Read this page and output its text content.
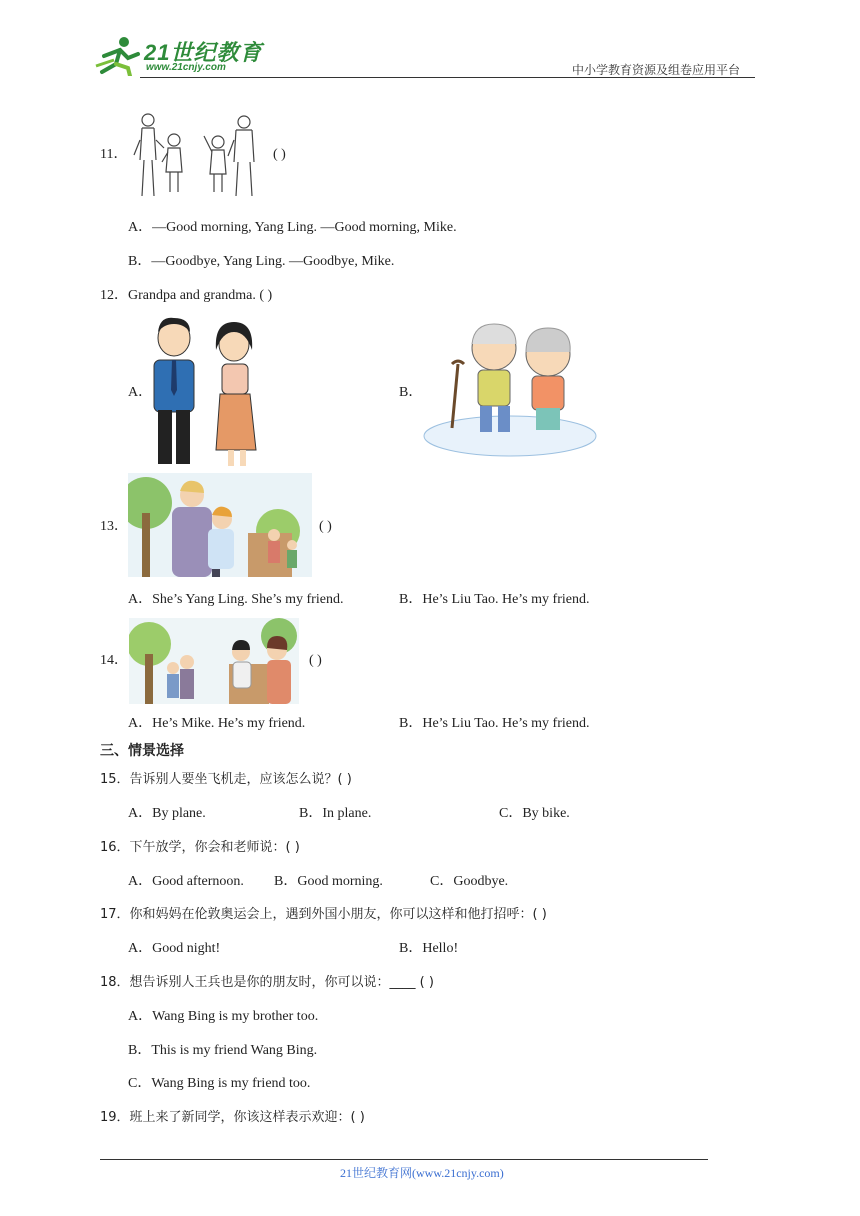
21世纪教育
www.21cnjy.com	中小学教育资源及组卷应用平台
11．	( )
A．—Good morning, Yang Ling. —Good morning, Mike.
B．—Goodbye, Yang Ling. —Goodbye, Mike.
12．Grandpa and grandma. ( )
A．	B．
13．	( )
A．She’s Yang Ling. She’s my friend.	B．He’s Liu Tao. He’s my friend.
14．	( )
A．He’s Mike. He’s my friend.	B．He’s Liu Tao. He’s my friend.
三、情景选择
15．告诉别人要坐飞机走，应该怎么说？( )
A．By plane.	B．In plane.	C．By bike.
16．下午放学，你会和老师说：( )
A．Good afternoon. B．Good morning.	C．Goodbye.
17．你和妈妈在伦敦奥运会上，遇到外国小朋友，你可以这样和他打招呼：( )
A．Good night!	B．Hello!
18．想告诉别人王兵也是你的朋友时，你可以说：____ ( )
A．Wang Bing is my brother too.
B．This is my friend Wang Bing.
C．Wang Bing is my friend too.
19．班上来了新同学，你该这样表示欢迎：( )
21世纪教育网(www.21cnjy.com)
